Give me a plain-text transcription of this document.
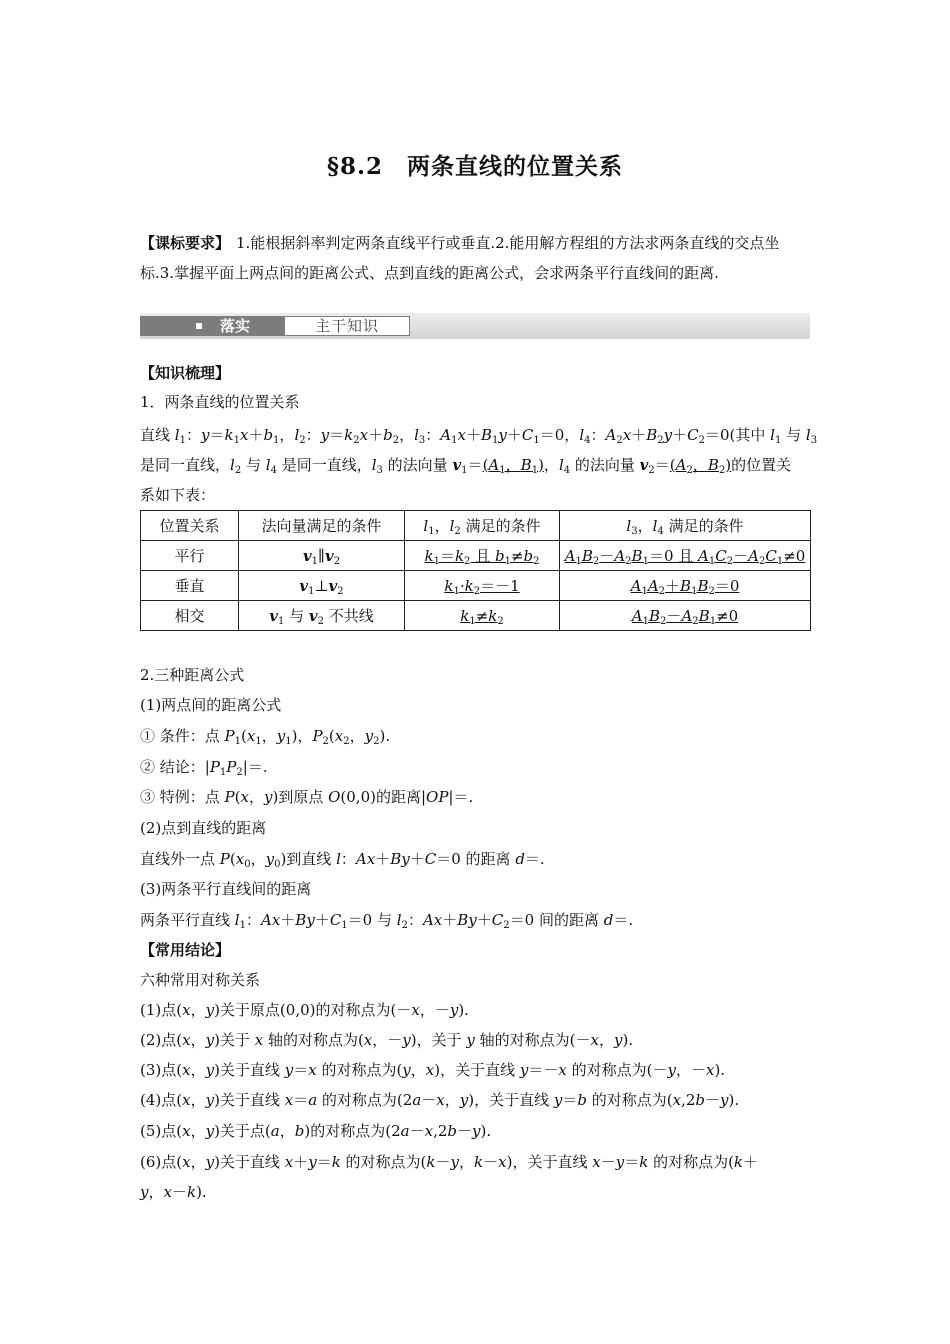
§8.2　两条直线的位置关系
【课标要求】 1.能根据斜率判定两条直线平行或垂直.2.能用解方程组的方法求两条直线的交点坐标.3.掌握平面上两点间的距离公式、点到直线的距离公式，会求两条平行直线间的距离.
落实	主干知识
【知识梳理】
1．两条直线的位置关系
直线 $l_1$：$y=k_1x+b_1$，$l_2$：$y=k_2x+b_2$，$l_3$：$A_1x+B_1y+C_1=0$，$l_4$：$A_2x+B_2y+C_2=0$(其中 $l_1$ 与 $l_3$
是同一直线，$l_2$ 与 $l_4$ 是同一直线，$l_3$ 的法向量 $v_1=(A_1$，$B_1$)，$l_4$ 的法向量 $v_2=(A_2$，$B_2$)的位置关
系如下表：
位置关系	法向量满足的条件	$l_1$，$l_2$ 满足的条件	$l_3$，$l_4$ 满足的条件
平行	$v_1\parallel v_2$	$k_1=k_2$ 且 $b_1\ne b_2$	$A_1B_2-A_2B_1=0$ 且 $A_1C_2-A_2C_1\ne 0$
垂直	$v_1\perp v_2$	$k_1\cdot k_2=-1$	$A_1A_2+B_1B_2=0$
相交	$v_1$ 与 $v_2$ 不共线	$k_1\ne k_2$	$A_1B_2-A_2B_1\ne 0$
2.三种距离公式
(1)两点间的距离公式
① 条件：点 $P_1(x_1$，$y_1$)，$P_2(x_2$，$y_2$).
② 结论：$|P_1P_2|=$.
③ 特例：点 P(x，y)到原点 O(0,0)的距离|OP|＝.
(2)点到直线的距离
直线外一点 $P(x_0$，$y_0$)到直线 l：Ax＋By＋C＝0 的距离 d＝.
(3)两条平行直线间的距离
两条平行直线 $l_1$：$Ax+By+C_1=0$ 与 $l_2$：$Ax+By+C_2=0$ 间的距离 d＝.
【常用结论】
六种常用对称关系
(1)点(x，y)关于原点(0,0)的对称点为(－x，－y).
(2)点(x，y)关于 x 轴的对称点为(x，－y)，关于 y 轴的对称点为(－x，y).
(3)点(x，y)关于直线 y＝x 的对称点为(y，x)，关于直线 y＝－x 的对称点为(－y，－x).
(4)点(x，y)关于直线 x＝a 的对称点为(2a－x，y)，关于直线 y＝b 的对称点为(x,2b－y).
(5)点(x，y)关于点(a，b)的对称点为(2a－x,2b－y).
(6)点(x，y)关于直线 x＋y＝k 的对称点为(k－y，k－x)，关于直线 x－y＝k 的对称点为(k＋
y，x－k).
